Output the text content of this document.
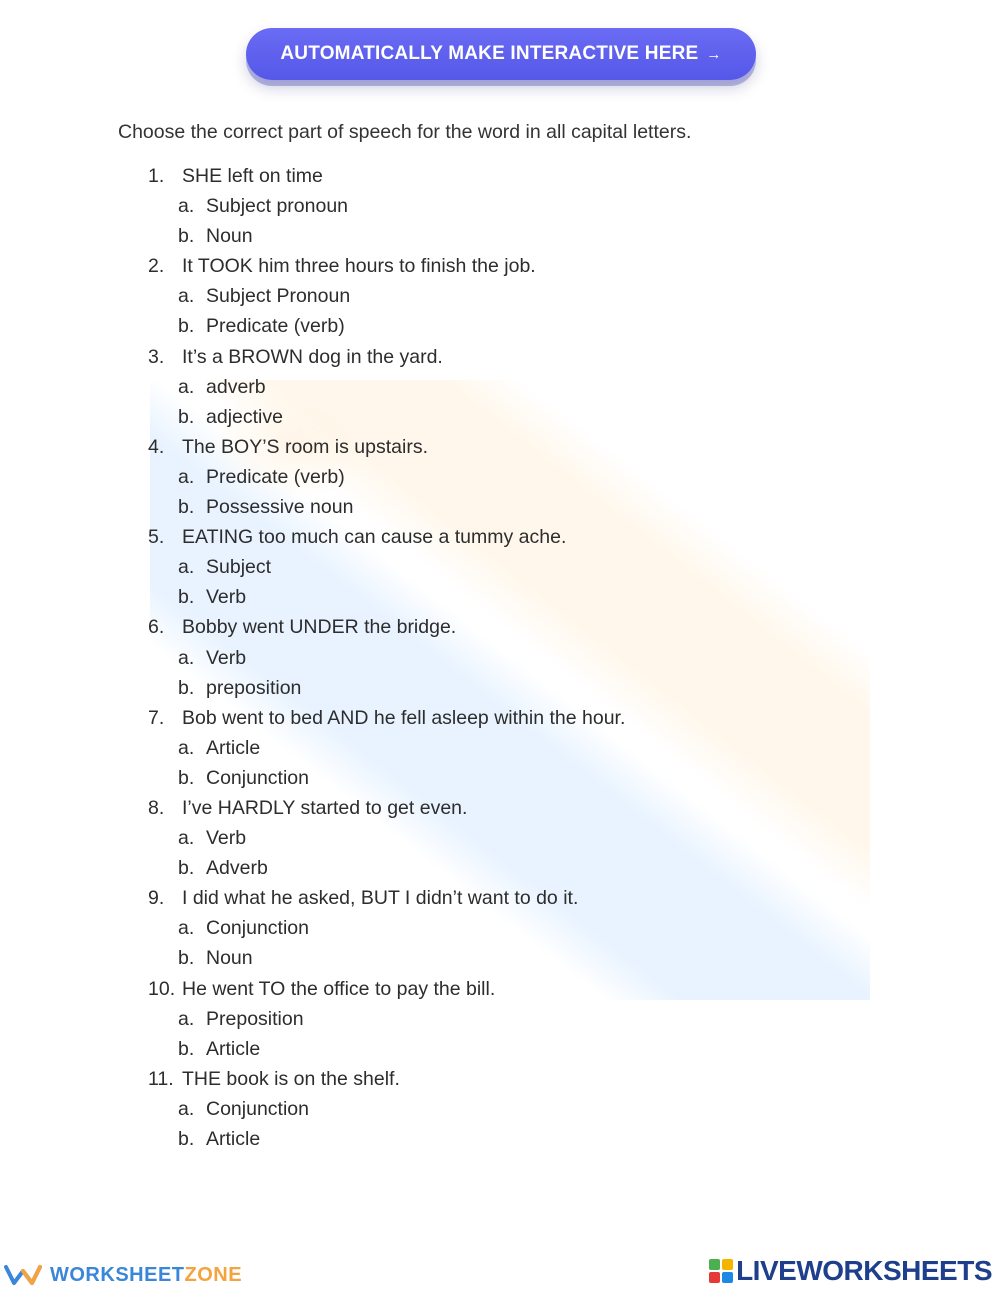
AUTOMATICALLY MAKE INTERACTIVE HERE →
Choose the correct part of speech for the word in all capital letters.
1. SHE left on time
a. Subject pronoun
b. Noun
2. It TOOK him three hours to finish the job.
a. Subject Pronoun
b. Predicate (verb)
3. It’s a BROWN dog in the yard.
a. adverb
b. adjective
4. The BOY’S room is upstairs.
a. Predicate (verb)
b. Possessive noun
5. EATING too much can cause a tummy ache.
a. Subject
b. Verb
6. Bobby went UNDER the bridge.
a. Verb
b. preposition
7. Bob went to bed AND he fell asleep within the hour.
a. Article
b. Conjunction
8. I’ve HARDLY started to get even.
a. Verb
b. Adverb
9. I did what he asked, BUT I didn’t want to do it.
a. Conjunction
b. Noun
10. He went TO the office to pay the bill.
a. Preposition
b. Article
11. THE book is on the shelf.
a. Conjunction
b. Article
WORKSHEETZONE	LIVEWORKSHEETS
